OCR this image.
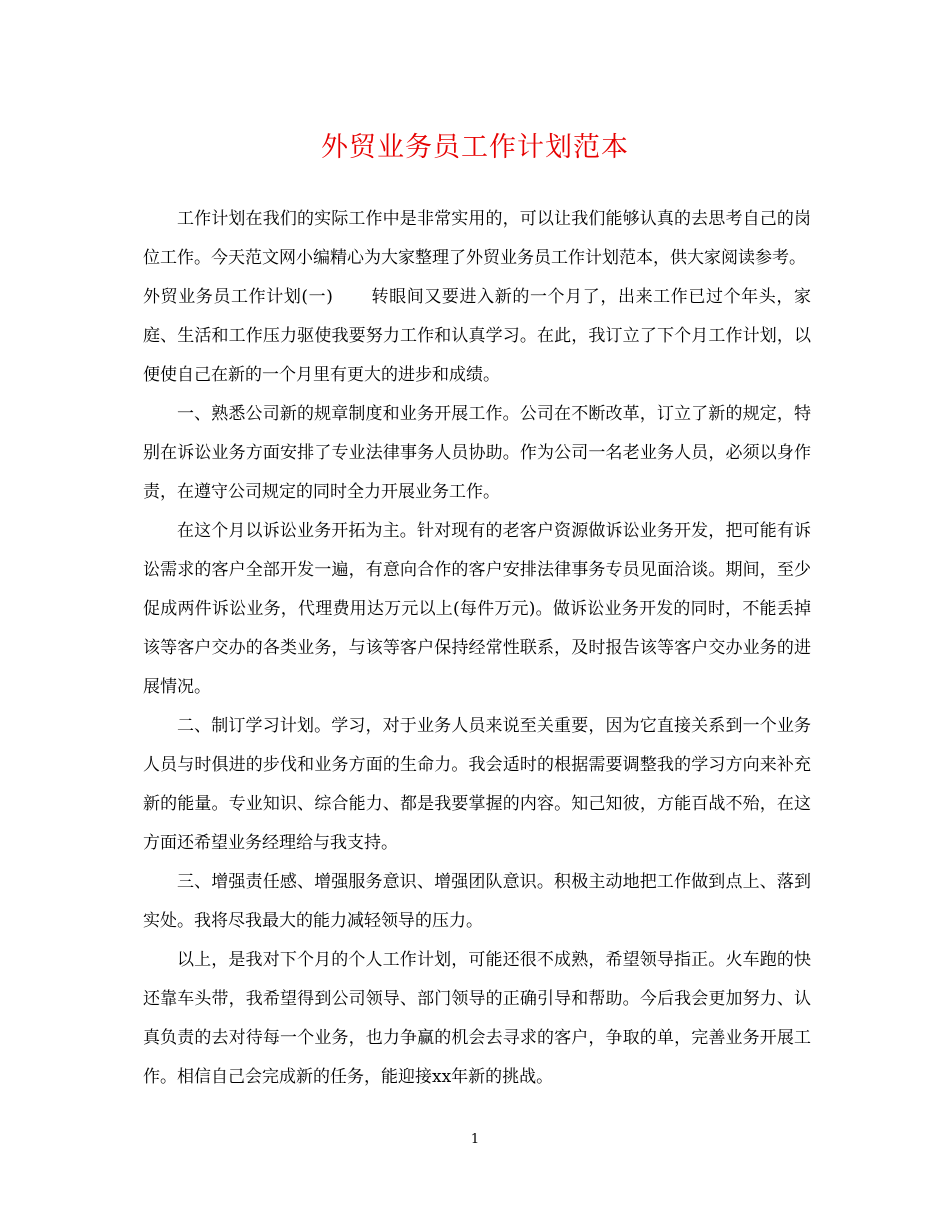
外贸业务员工作计划范本

工作计划在我们的实际工作中是非常实用的，可以让我们能够认真的去思考自己的岗位工作。今天范文网小编精心为大家整理了外贸业务员工作计划范本，供大家阅读参考。

外贸业务员工作计划(一) 转眼间又要进入新的一个月了，出来工作已过个年头，家庭、生活和工作压力驱使我要努力工作和认真学习。在此，我订立了下个月工作计划，以便使自己在新的一个月里有更大的进步和成绩。

一、熟悉公司新的规章制度和业务开展工作。公司在不断改革，订立了新的规定，特别在诉讼业务方面安排了专业法律事务人员协助。作为公司一名老业务人员，必须以身作责，在遵守公司规定的同时全力开展业务工作。

在这个月以诉讼业务开拓为主。针对现有的老客户资源做诉讼业务开发，把可能有诉讼需求的客户全部开发一遍，有意向合作的客户安排法律事务专员见面洽谈。期间，至少促成两件诉讼业务，代理费用达万元以上(每件万元)。做诉讼业务开发的同时，不能丢掉该等客户交办的各类业务，与该等客户保持经常性联系，及时报告该等客户交办业务的进展情况。

二、制订学习计划。学习，对于业务人员来说至关重要，因为它直接关系到一个业务人员与时俱进的步伐和业务方面的生命力。我会适时的根据需要调整我的学习方向来补充新的能量。专业知识、综合能力、都是我要掌握的内容。知己知彼，方能百战不殆，在这方面还希望业务经理给与我支持。

三、增强责任感、增强服务意识、增强团队意识。积极主动地把工作做到点上、落到实处。我将尽我最大的能力减轻领导的压力。

以上，是我对下个月的个人工作计划，可能还很不成熟，希望领导指正。火车跑的快还靠车头带，我希望得到公司领导、部门领导的正确引导和帮助。今后我会更加努力、认真负责的去对待每一个业务，也力争赢的机会去寻求的客户，争取的单，完善业务开展工作。相信自己会完成新的任务，能迎接xx年新的挑战。

1
